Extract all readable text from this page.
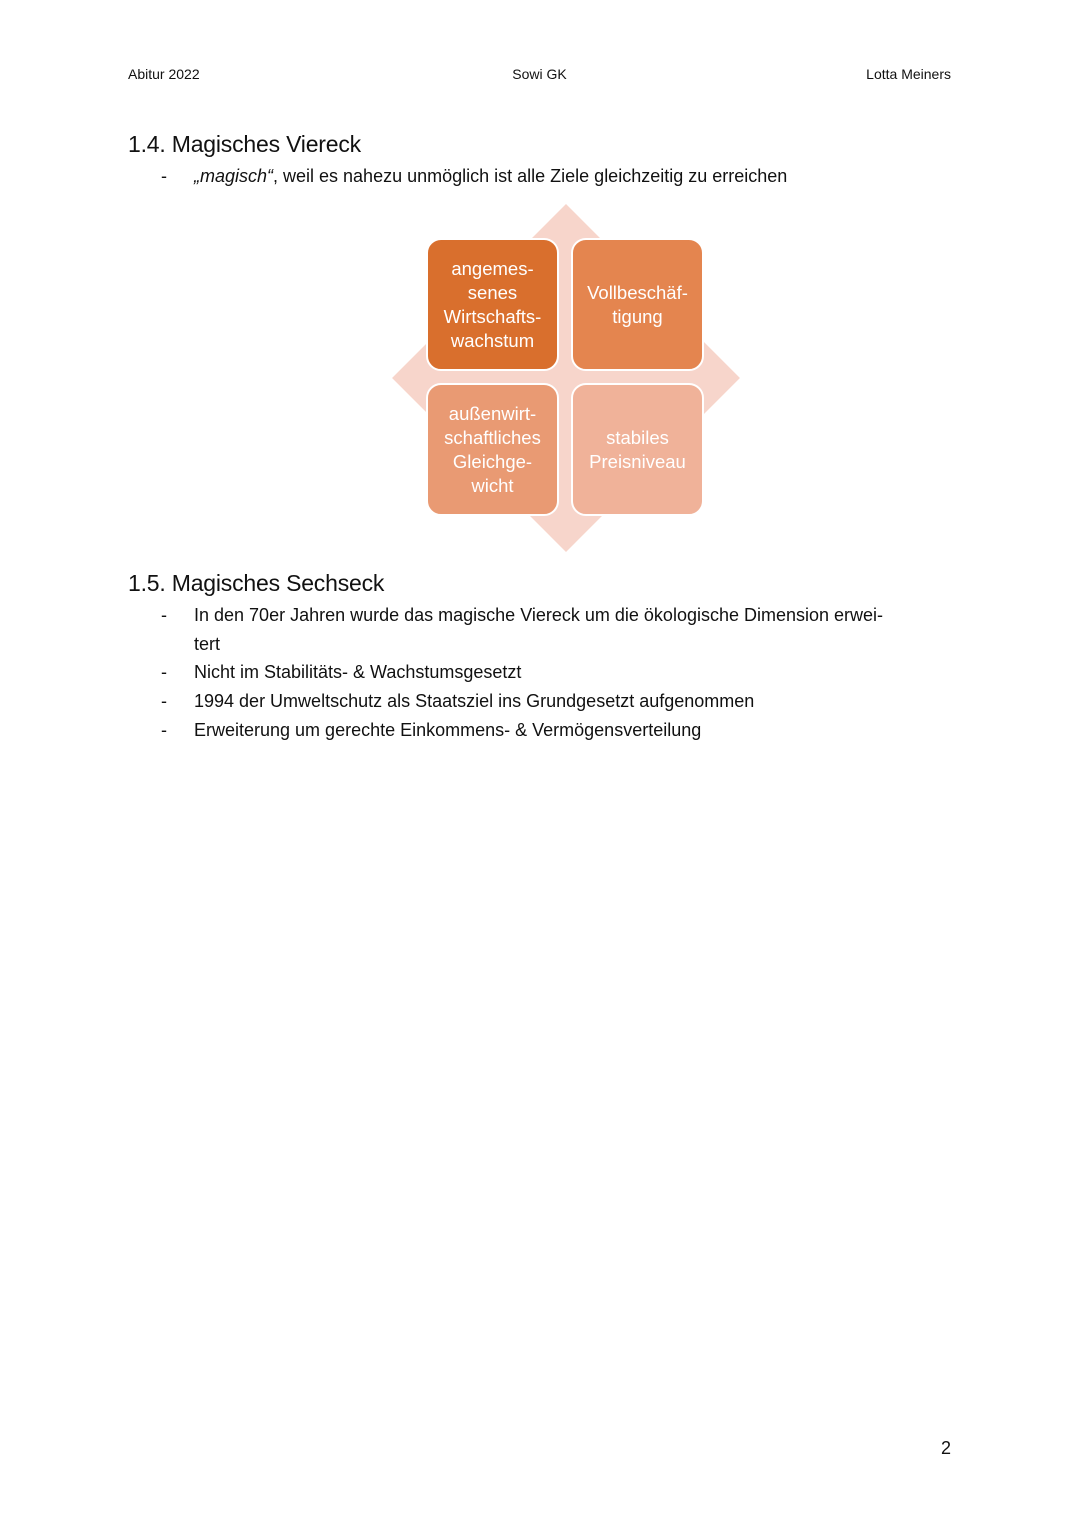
Abitur 2022	Sowi GK	Lotta Meiners
1.4. Magisches Viereck
- „magisch“, weil es nahezu unmöglich ist alle Ziele gleichzeitig zu erreichen
angemes-
senes
Wirtschafts-
wachstum
Vollbeschäf-
tigung
außenwirt-
schaftliches
Gleichge-
wicht
stabiles
Preisniveau
1.5. Magisches Sechseck
- In den 70er Jahren wurde das magische Viereck um die ökologische Dimension erwei-
tert
- Nicht im Stabilitäts- & Wachstumsgesetzt
- 1994 der Umweltschutz als Staatsziel ins Grundgesetzt aufgenommen
- Erweiterung um gerechte Einkommens- & Vermögensverteilung
2
